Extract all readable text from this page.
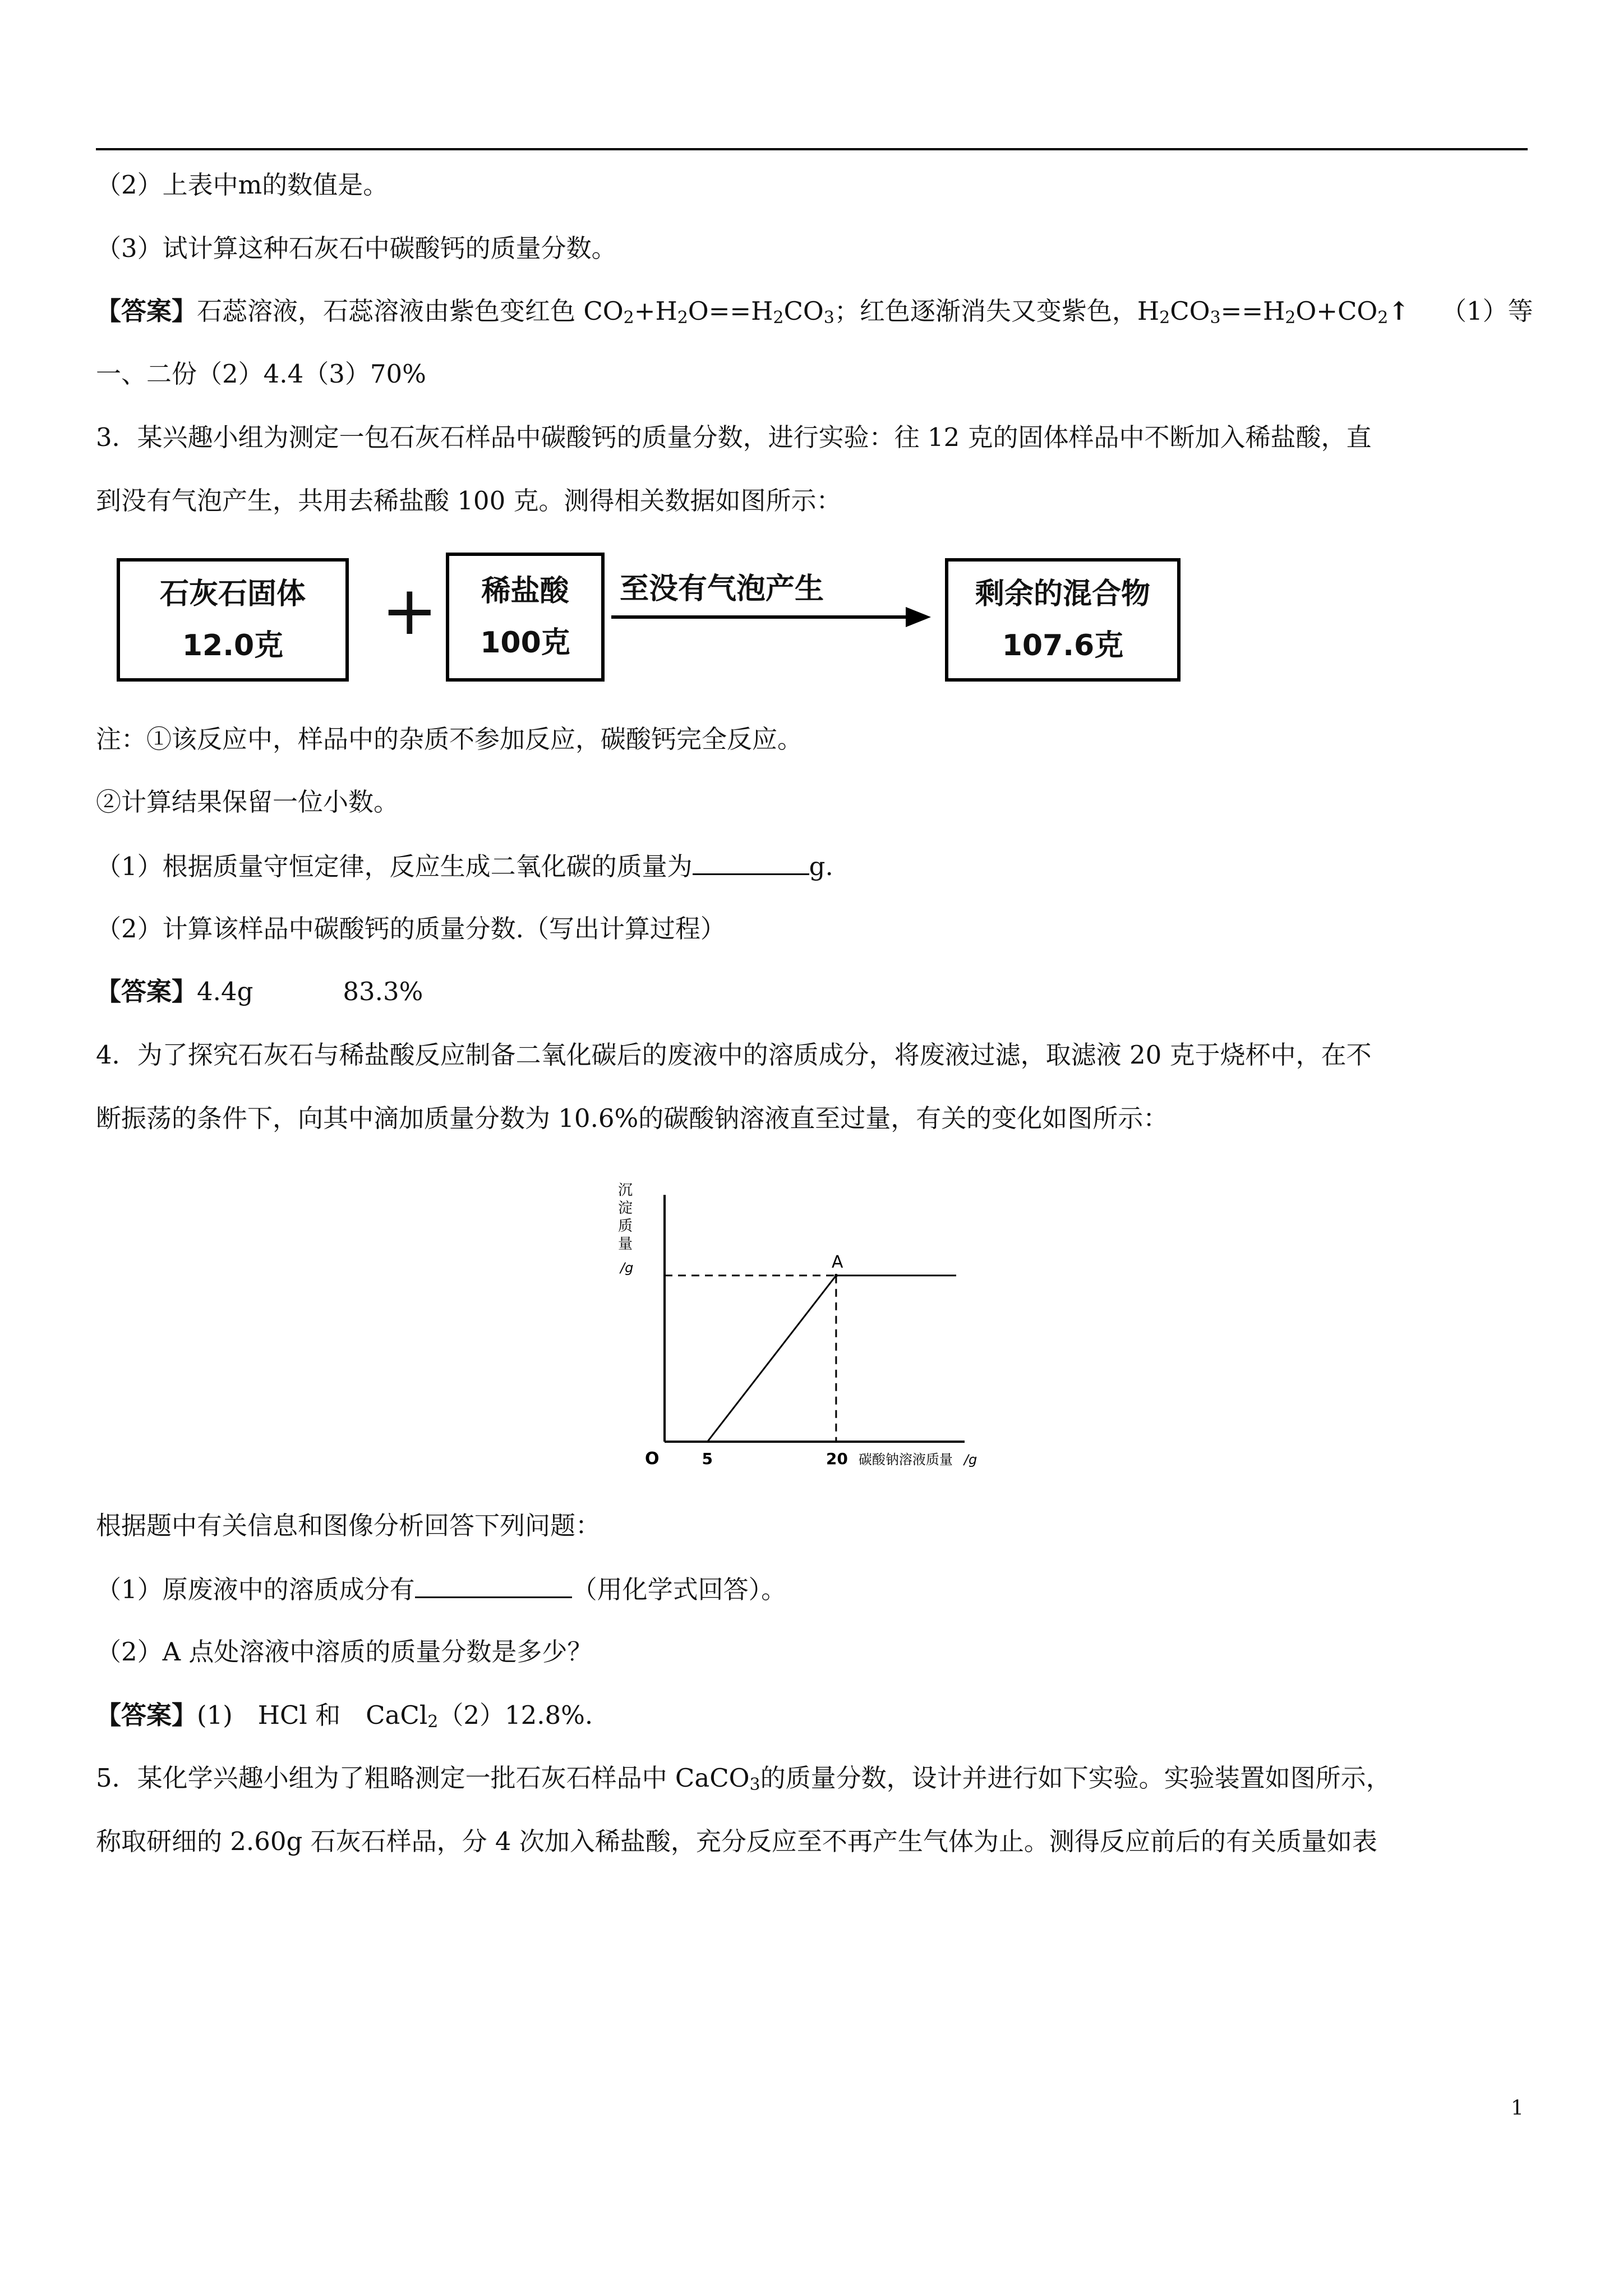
（2）上表中m的数值是。
（3）试计算这种石灰石中碳酸钙的质量分数。
【答案】石蕊溶液，石蕊溶液由紫色变红色 $CO_2+H_2O==H_2CO_3$；红色逐渐消失又变紫色，$H_2CO_3==H_2O+CO_2↑$ （1）等
一、二份（2）4.4（3）70%
3．某兴趣小组为测定一包石灰石样品中碳酸钙的质量分数，进行实验：往 12 克的固体样品中不断加入稀盐酸，直
到没有气泡产生，共用去稀盐酸 100 克。测得相关数据如图所示：
石灰石固体
12.0克 + 稀盐酸
100克
至没有气泡产生	剩余的混合物
107.6克
注：①该反应中，样品中的杂质不参加反应，碳酸钙完全反应。
②计算结果保留一位小数。
（1）根据质量守恒定律，反应生成二氧化碳的质量为	g.
（2）计算该样品中碳酸钙的质量分数.（写出计算过程）
【答案】4.4g	83.3%
4．为了探究石灰石与稀盐酸反应制备二氧化碳后的废液中的溶质成分，将废液过滤，取滤液 20 克于烧杯中，在不
断振荡的条件下，向其中滴加质量分数为 10.6%的碳酸钠溶液直至过量，有关的变化如图所示：
沉
淀
质
量
/g	A
O	5	20 碳酸钠溶液质量 /g
根据题中有关信息和图像分析回答下列问题：
（1）原废液中的溶质成分有	（用化学式回答）。
（2）A 点处溶液中溶质的质量分数是多少？
【答案】(1)　HCl 和　CaCl$_2$（2）12.8%.
5．某化学兴趣小组为了粗略测定一批石灰石样品中 CaCO$_3$的质量分数，设计并进行如下实验。实验装置如图所示，
称取研细的 2.60g 石灰石样品，分 4 次加入稀盐酸，充分反应至不再产生气体为止。测得反应前后的有关质量如表
1
